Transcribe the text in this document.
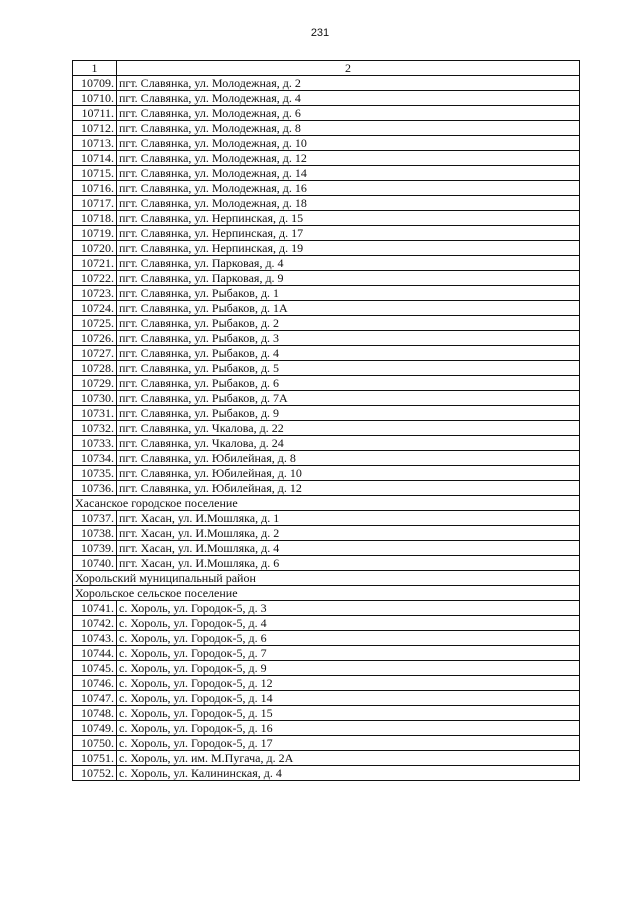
231
1	2
10709.	пгт. Славянка, ул. Молодежная, д. 2
10710.	пгт. Славянка, ул. Молодежная, д. 4
10711.	пгт. Славянка, ул. Молодежная, д. 6
10712.	пгт. Славянка, ул. Молодежная, д. 8
10713.	пгт. Славянка, ул. Молодежная, д. 10
10714.	пгт. Славянка, ул. Молодежная, д. 12
10715.	пгт. Славянка, ул. Молодежная, д. 14
10716.	пгт. Славянка, ул. Молодежная, д. 16
10717.	пгт. Славянка, ул. Молодежная, д. 18
10718.	пгт. Славянка, ул. Нерпинская, д. 15
10719.	пгт. Славянка, ул. Нерпинская, д. 17
10720.	пгт. Славянка, ул. Нерпинская, д. 19
10721.	пгт. Славянка, ул. Парковая, д. 4
10722.	пгт. Славянка, ул. Парковая, д. 9
10723.	пгт. Славянка, ул. Рыбаков, д. 1
10724.	пгт. Славянка, ул. Рыбаков, д. 1А
10725.	пгт. Славянка, ул. Рыбаков, д. 2
10726.	пгт. Славянка, ул. Рыбаков, д. 3
10727.	пгт. Славянка, ул. Рыбаков, д. 4
10728.	пгт. Славянка, ул. Рыбаков, д. 5
10729.	пгт. Славянка, ул. Рыбаков, д. 6
10730.	пгт. Славянка, ул. Рыбаков, д. 7А
10731.	пгт. Славянка, ул. Рыбаков, д. 9
10732.	пгт. Славянка, ул. Чкалова, д. 22
10733.	пгт. Славянка, ул. Чкалова, д. 24
10734.	пгт. Славянка, ул. Юбилейная, д. 8
10735.	пгт. Славянка, ул. Юбилейная, д. 10
10736.	пгт. Славянка, ул. Юбилейная, д. 12
Хасанское городское поселение	
10737.	пгт. Хасан, ул. И.Мошляка, д. 1
10738.	пгт. Хасан, ул. И.Мошляка, д. 2
10739.	пгт. Хасан, ул. И.Мошляка, д. 4
10740.	пгт. Хасан, ул. И.Мошляка, д. 6
Хорольский муниципальный район	
Хорольское сельское поселение	
10741.	с. Хороль, ул. Городок-5, д. 3
10742.	с. Хороль, ул. Городок-5, д. 4
10743.	с. Хороль, ул. Городок-5, д. 6
10744.	с. Хороль, ул. Городок-5, д. 7
10745.	с. Хороль, ул. Городок-5, д. 9
10746.	с. Хороль, ул. Городок-5, д. 12
10747.	с. Хороль, ул. Городок-5, д. 14
10748.	с. Хороль, ул. Городок-5, д. 15
10749.	с. Хороль, ул. Городок-5, д. 16
10750.	с. Хороль, ул. Городок-5, д. 17
10751.	с. Хороль, ул. им. М.Пугача, д. 2А
10752.	с. Хороль, ул. Калининская, д. 4
